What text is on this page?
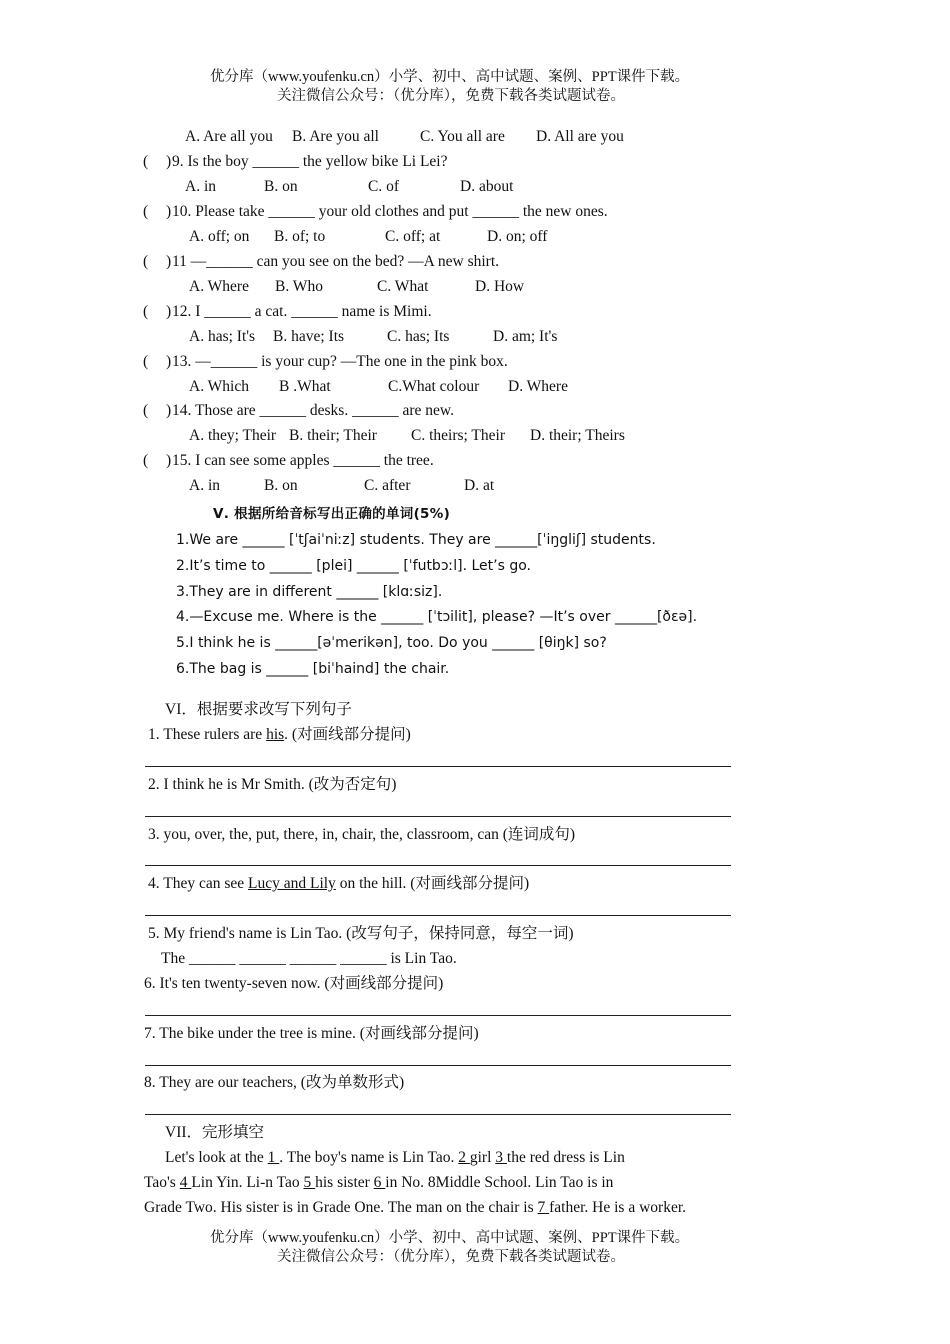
优分库（www.youfenku.cn）小学、初中、高中试题、案例、PPT课件下载。
关注微信公众号：（优分库），免费下载各类试题试卷。
A. Are all you B. Are you all	C. You all are D. All are you
( ) 9. Is the boy ______ the yellow bike Li Lei?
A. in	B. on	C. of	D. about
( ) 10. Please take ______ your old clothes and put ______ the new ones.
A. off; on B. of; to	C. off; at	D. on; off
( ) 11 —______ can you see on the bed? —A new shirt.
A. Where B. Who	C. What	D. How
( ) 12. I ______ a cat. ______ name is Mimi.
A. has; It's B. have; Its	C. has; Its	D. am; It's
( ) 13. —______ is your cup? —The one in the pink box.
A. Which B .What	C.What colour D. Where
( ) 14. Those are ______ desks. ______ are new.
A. they; Their B. their; Their C. theirs; Their D. their; Theirs
( ) 15. I can see some apples ______ the tree.
A. in	B. on	C. after	D. at
Ⅴ. 根据所给音标写出正确的单词(5%)
1.We are ______ [ˈtʃaiˈniːz] students. They are ______[ˈiŋgliʃ] students.
2.It’s time to ______ [plei] ______ [ˈfutbɔːl]. Let’s go.
3.They are in different ______ [klɑːsiz].
4.—Excuse me. Where is the ______ [ˈtɔilit], please? —It’s over ______[ðɛə].
5.I think he is ______[əˈmerikən], too. Do you ______ [θiŋk] so?
6.The bag is ______ [biˈhaind] the chair.
VI．根据要求改写下列句子
1. These rulers are his. (对画线部分提问)
2. I think he is Mr Smith. (改为否定句)
3. you, over, the, put, there, in, chair, the, classroom, can (连词成句)
4. They can see Lucy and Lily on the hill. (对画线部分提问)
5. My friend's name is Lin Tao. (改写句子，保持同意，每空一词)
The ______ ______ ______ ______ is Lin Tao.
6. It's ten twenty-seven now. (对画线部分提问)
7. The bike under the tree is mine. (对画线部分提问)
8. They are our teachers, (改为单数形式)
VII．完形填空
Let's look at the 1 . The boy's name is Lin Tao. 2 girl 3 the red dress is Lin
Tao's 4 Lin Yin. Li-n Tao 5 his sister 6 in No. 8Middle School. Lin Tao is in
Grade Two. His sister is in Grade One. The man on the chair is 7 father. He is a worker.
优分库（www.youfenku.cn）小学、初中、高中试题、案例、PPT课件下载。
关注微信公众号：（优分库），免费下载各类试题试卷。
